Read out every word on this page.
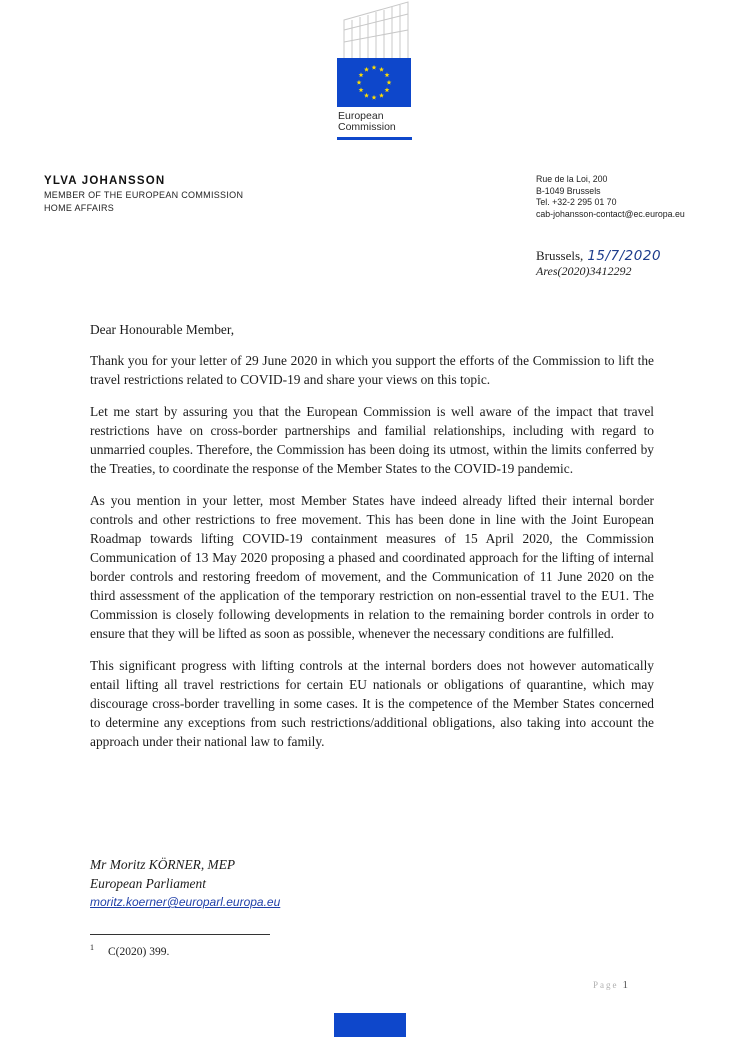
European
Commission
YLVA JOHANSSON
MEMBER OF THE EUROPEAN COMMISSION
HOME AFFAIRS
Rue de la Loi, 200
B-1049 Brussels
Tel. +32-2 295 01 70
cab-johansson-contact@ec.europa.eu
Brussels, 15/7/2020
Ares(2020)3412292

Dear Honourable Member,

Thank you for your letter of 29 June 2020 in which you support the efforts of the Commission to lift the travel restrictions related to COVID-19 and share your views on this topic.

Let me start by assuring you that the European Commission is well aware of the impact that travel restrictions have on cross-border partnerships and familial relationships, including with regard to unmarried couples. Therefore, the Commission has been doing its utmost, within the limits conferred by the Treaties, to coordinate the response of the Member States to the COVID-19 pandemic.

As you mention in your letter, most Member States have indeed already lifted their internal border controls and other restrictions to free movement. This has been done in line with the Joint European Roadmap towards lifting COVID-19 containment measures of 15 April 2020, the Commission Communication of 13 May 2020 proposing a phased and coordinated approach for the lifting of internal border controls and restoring freedom of movement, and the Communication of 11 June 2020 on the third assessment of the application of the temporary restriction on non-essential travel to the EU1. The Commission is closely following developments in relation to the remaining border controls in order to ensure that they will be lifted as soon as possible, whenever the necessary conditions are fulfilled.

This significant progress with lifting controls at the internal borders does not however automatically entail lifting all travel restrictions for certain EU nationals or obligations of quarantine, which may discourage cross-border travelling in some cases. It is the competence of the Member States concerned to determine any exceptions from such restrictions/additional obligations, also taking into account the approach under their national law to family.

Mr Moritz KÖRNER, MEP
European Parliament
moritz.koerner@europarl.europa.eu
$^1$ C(2020) 399.
Page 1
